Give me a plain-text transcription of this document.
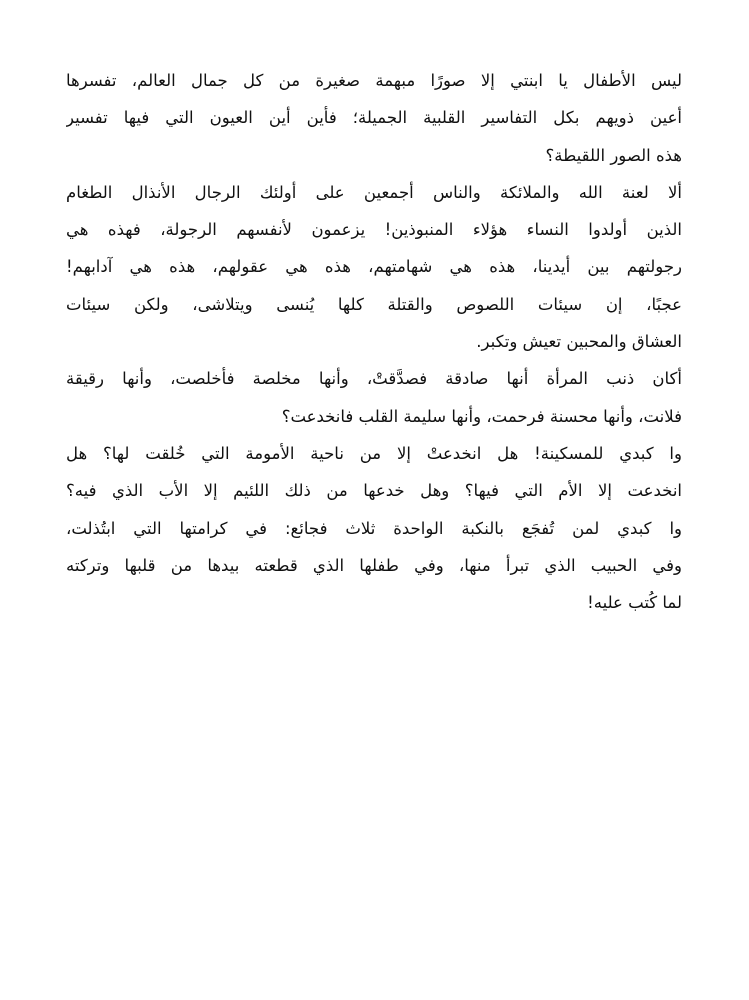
ليس الأطفال يا ابنتي إلا صورًا مبهمة صغيرة من كل جمال العالم، تفسرها
أعين ذويهم بكل التفاسير القلبية الجميلة؛ فأين أين العيون التي فيها تفسير
هذه الصور اللقيطة؟
ألا لعنة الله والملائكة والناس أجمعين على أولئك الرجال الأنذال الطغام
الذين أولدوا النساء هؤلاء المنبوذين! يزعمون لأنفسهم الرجولة، فهذه هي
رجولتهم بين أيدينا، هذه هي شهامتهم، هذه هي عقولهم، هذه هي آدابهم!
عجبًا، إن سيئات اللصوص والقتلة كلها يُنسى ويتلاشى، ولكن سيئات
العشاق والمحبين تعيش وتكبر.
أكان ذنب المرأة أنها صادقة فصدَّقتْ، وأنها مخلصة فأخلصت، وأنها رقيقة
فلانت، وأنها محسنة فرحمت، وأنها سليمة القلب فانخدعت؟
وا كبدي للمسكينة! هل انخدعتْ إلا من ناحية الأمومة التي خُلقت لها؟ هل
انخدعت إلا الأم التي فيها؟ وهل خدعها من ذلك اللئيم إلا الأب الذي فيه؟
وا كبدي لمن تُفجَع بالنكبة الواحدة ثلاث فجائع: في كرامتها التي ابتُذلت،
وفي الحبيب الذي تبرأ منها، وفي طفلها الذي قطعته بيدها من قلبها وتركته
لما كُتب عليه!
